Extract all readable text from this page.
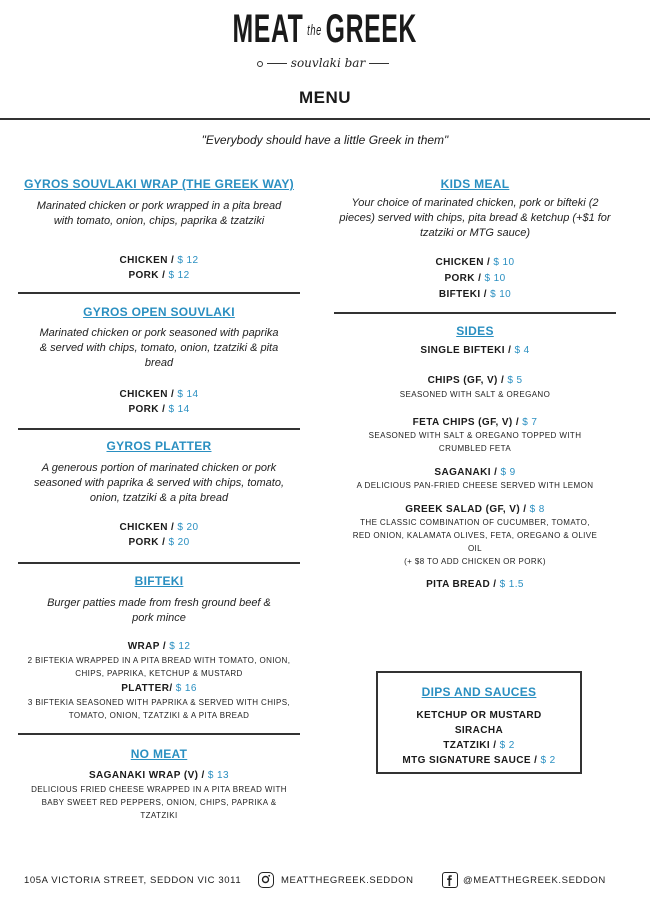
MEAT theGREEK
souvlaki bar
MENU
"Everybody should have a little Greek in them"
GYROS SOUVLAKI WRAP (THE GREEK WAY)
Marinated chicken or pork wrapped in a pita bread with tomato, onion, chips, paprika & tzatziki
CHICKEN / $ 12
PORK / $ 12
GYROS OPEN SOUVLAKI
Marinated chicken or pork seasoned with paprika & served with chips, tomato, onion, tzatziki & pita bread
CHICKEN / $ 14
PORK / $ 14
GYROS PLATTER
A generous portion of marinated chicken or pork seasoned with paprika & served with chips, tomato, onion, tzatziki & a pita bread
CHICKEN / $ 20
PORK / $ 20
BIFTEKI
Burger patties made from fresh ground beef & pork mince
WRAP / $ 12
2 BIFTEKIA WRAPPED IN A PITA BREAD WITH TOMATO, ONION, CHIPS, PAPRIKA, KETCHUP & MUSTARD
PLATTER/ $ 16
3 BIFTEKIA SEASONED WITH PAPRIKA & SERVED WITH CHIPS, TOMATO, ONION, TZATZIKI & A PITA BREAD
NO MEAT
SAGANAKI WRAP (V) / $ 13
DELICIOUS FRIED CHEESE WRAPPED IN A PITA BREAD WITH BABY SWEET RED PEPPERS, ONION, CHIPS, PAPRIKA & TZATZIKI
KIDS MEAL
Your choice of marinated chicken, pork or bifteki (2 pieces) served with chips, pita bread & ketchup (+$1 for tzatziki or MTG sauce)
CHICKEN / $ 10
PORK / $ 10
BIFTEKI / $ 10
SIDES
SINGLE BIFTEKI / $ 4
CHIPS (GF, V) / $ 5
SEASONED WITH SALT & OREGANO
FETA CHIPS (GF, V) / $ 7
SEASONED WITH SALT & OREGANO TOPPED WITH CRUMBLED FETA
SAGANAKI / $ 9
A DELICIOUS PAN-FRIED CHEESE SERVED WITH LEMON
GREEK SALAD (GF, V) / $ 8
THE CLASSIC COMBINATION OF CUCUMBER, TOMATO, RED ONION, KALAMATA OLIVES, FETA, OREGANO & OLIVE OIL
(+ $8 TO ADD CHICKEN OR PORK)
PITA BREAD / $ 1.5
DIPS AND SAUCES
KETCHUP OR MUSTARD
SIRACHA
TZATZIKI / $ 2
MTG SIGNATURE SAUCE / $ 2
105A VICTORIA STREET, SEDDON VIC 3011	MEATTHEGREEK.SEDDON	@MEATTHEGREEK.SEDDON
